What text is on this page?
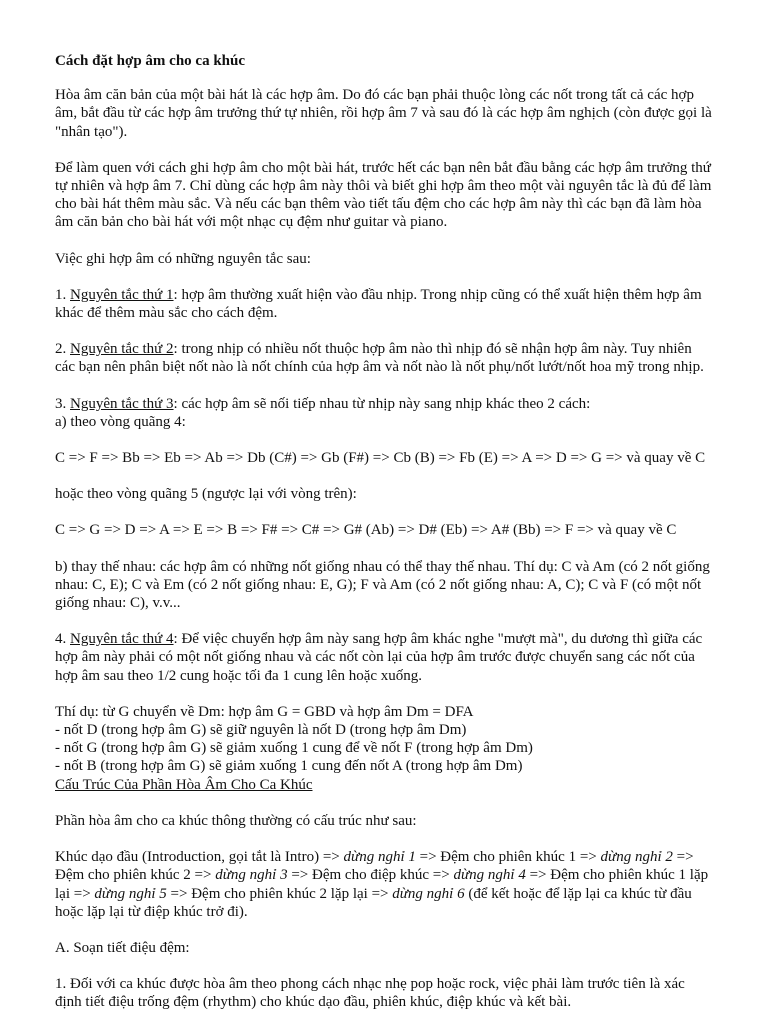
Cách đặt hợp âm cho ca khúc

Hòa âm căn bản của một bài hát là các hợp âm. Do đó các bạn phải thuộc lòng các nốt trong tất cả các hợp âm, bắt đầu từ các hợp âm trưởng thứ tự nhiên, rồi hợp âm 7 và sau đó là các hợp âm nghịch (còn được gọi là "nhân tạo").

Để làm quen với cách ghi hợp âm cho một bài hát, trước hết các bạn nên bắt đầu bằng các hợp âm trưởng thứ tự nhiên và hợp âm 7. Chỉ dùng các hợp âm này thôi và biết ghi hợp âm theo một vài nguyên tắc là đủ để làm cho bài hát thêm màu sắc. Và nếu các bạn thêm vào tiết tấu đệm cho các hợp âm này thì các bạn đã làm hòa âm căn bản cho bài hát với một nhạc cụ đệm như guitar và piano.

Việc ghi hợp âm có những nguyên tắc sau:

1. Nguyên tắc thứ 1: hợp âm thường xuất hiện vào đầu nhịp. Trong nhịp cũng có thể xuất hiện thêm hợp âm khác để thêm màu sắc cho cách đệm.

2. Nguyên tắc thứ 2: trong nhịp có nhiều nốt thuộc hợp âm nào thì nhịp đó sẽ nhận hợp âm này. Tuy nhiên các bạn nên phân biệt nốt nào là nốt chính của hợp âm và nốt nào là nốt phụ/nốt lướt/nốt hoa mỹ trong nhịp.

3. Nguyên tắc thứ 3: các hợp âm sẽ nối tiếp nhau từ nhịp này sang nhịp khác theo 2 cách:

a) theo vòng quãng 4:

C => F => Bb => Eb => Ab => Db (C#) => Gb (F#) => Cb (B) => Fb (E) => A => D => G => và quay về C

hoặc theo vòng quãng 5 (ngược lại với vòng trên):

C => G => D => A => E => B => F# => C# => G# (Ab) => D# (Eb) => A# (Bb) => F => và quay về C

b) thay thế nhau: các hợp âm có những nốt giống nhau có thể thay thế nhau. Thí dụ: C và Am (có 2 nốt giống nhau: C, E); C và Em (có 2 nốt giống nhau: E, G); F và Am (có 2 nốt giống nhau: A, C); C và F (có một nốt giống nhau: C), v.v...

4. Nguyên tắc thứ 4: Để việc chuyển hợp âm này sang hợp âm khác nghe "mượt mà", du dương thì giữa các hợp âm này phải có một nốt giống nhau và các nốt còn lại của hợp âm trước được chuyển sang các nốt của hợp âm sau theo 1/2 cung hoặc tối đa 1 cung lên hoặc xuống.

Thí dụ: từ G chuyển về Dm: hợp âm G = GBD và hợp âm Dm = DFA
- nốt D (trong hợp âm G) sẽ giữ nguyên là nốt D (trong hợp âm Dm)
- nốt G (trong hợp âm G) sẽ giảm xuống 1 cung để về nốt F (trong hợp âm Dm)
- nốt B (trong hợp âm G) sẽ giảm xuống 1 cung đến nốt A (trong hợp âm Dm)

Cấu Trúc Của Phần Hòa Âm Cho Ca Khúc

Phần hòa âm cho ca khúc thông thường có cấu trúc như sau:

Khúc dạo đầu (Introduction, gọi tắt là Intro) => dừng nghỉ 1 => Đệm cho phiên khúc 1 => dừng nghỉ 2 => Đệm cho phiên khúc 2 => dừng nghỉ 3 => Đệm cho điệp khúc => dừng nghỉ 4 => Đệm cho phiên khúc 1 lặp lại => dừng nghỉ 5 => Đệm cho phiên khúc 2 lặp lại => dừng nghỉ 6 (để kết hoặc để lặp lại ca khúc từ đầu hoặc lặp lại từ điệp khúc trở đi).

A. Soạn tiết điệu đệm:

1. Đối với ca khúc được hòa âm theo phong cách nhạc nhẹ pop hoặc rock, việc phải làm trước tiên là xác định tiết điệu trống đệm (rhythm) cho khúc dạo đầu, phiên khúc, điệp khúc và kết bài.
